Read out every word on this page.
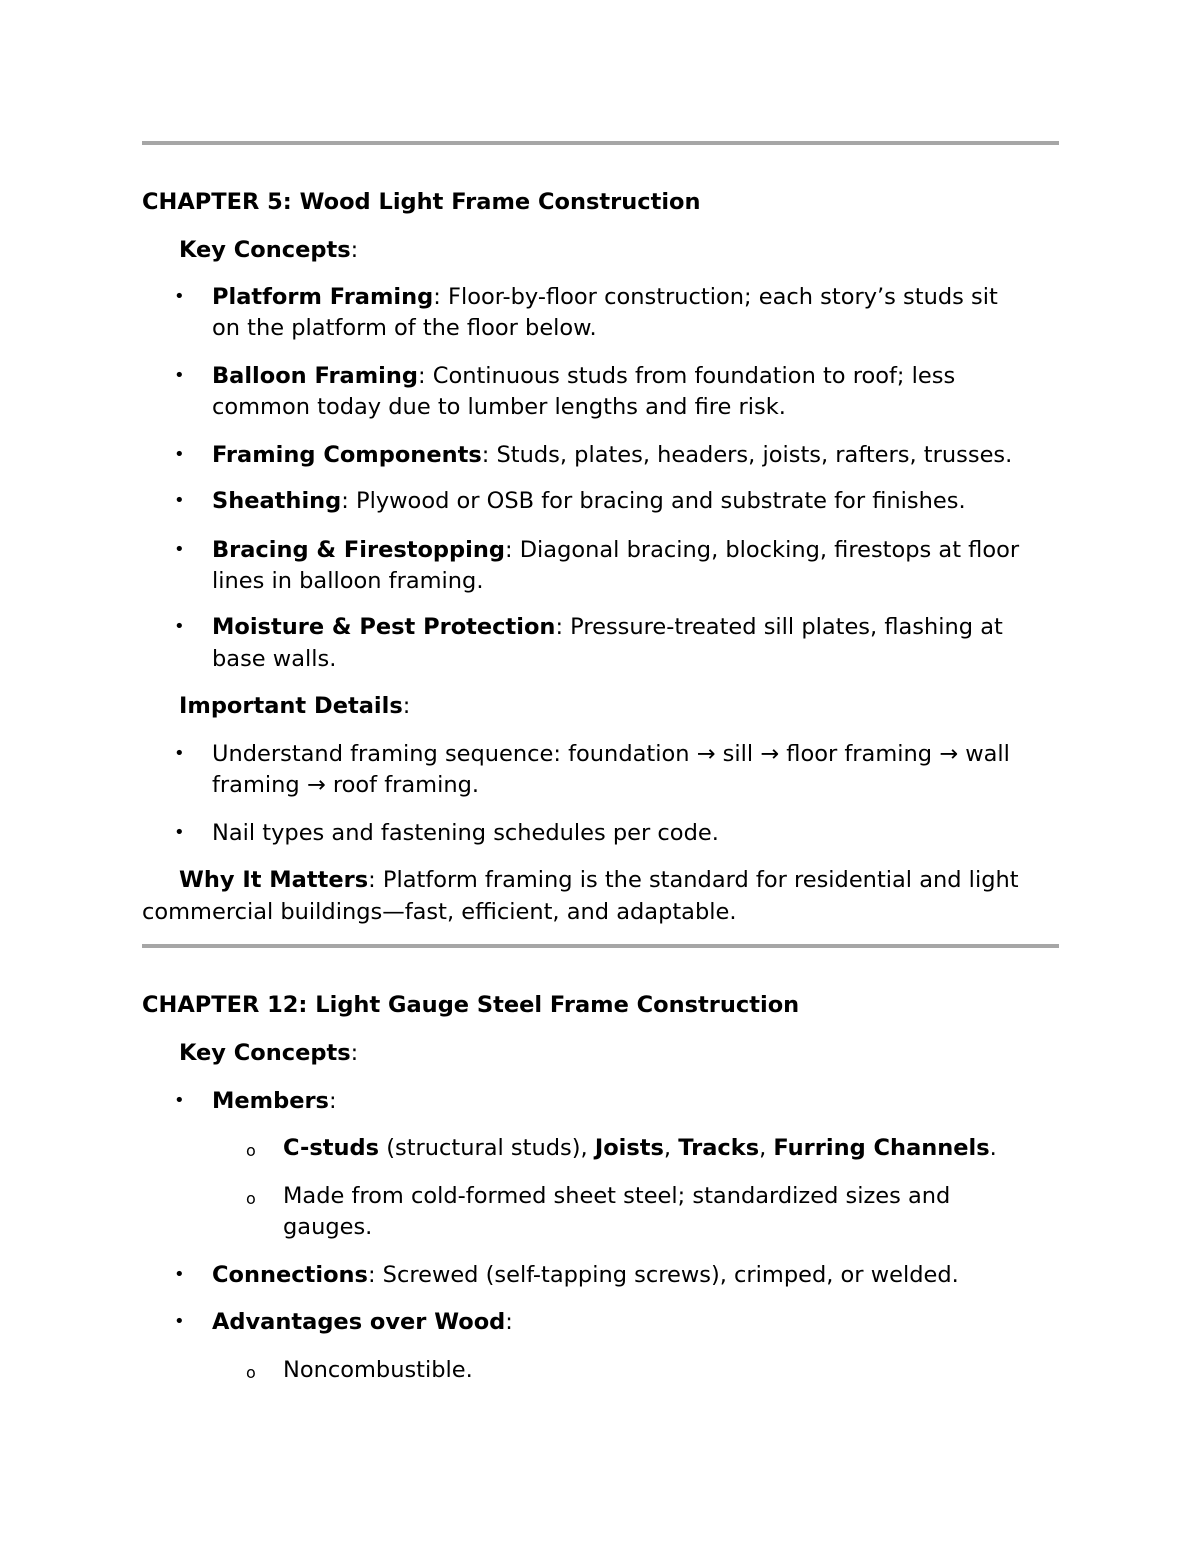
CHAPTER 5: Wood Light Frame Construction
Key Concepts:
• Platform Framing: Floor-by-floor construction; each story’s studs sit
on the platform of the floor below.
• Balloon Framing: Continuous studs from foundation to roof; less
common today due to lumber lengths and fire risk.
• Framing Components: Studs, plates, headers, joists, rafters, trusses.
• Sheathing: Plywood or OSB for bracing and substrate for finishes.
• Bracing & Firestopping: Diagonal bracing, blocking, firestops at floor
lines in balloon framing.
• Moisture & Pest Protection: Pressure-treated sill plates, flashing at
base walls.
Important Details:
• Understand framing sequence: foundation → sill → floor framing → wall
framing → roof framing.
• Nail types and fastening schedules per code.
Why It Matters: Platform framing is the standard for residential and light
commercial buildings—fast, efficient, and adaptable.
CHAPTER 12: Light Gauge Steel Frame Construction
Key Concepts:
• Members:
o C-studs (structural studs), Joists, Tracks, Furring Channels.
o Made from cold-formed sheet steel; standardized sizes and
gauges.
• Connections: Screwed (self-tapping screws), crimped, or welded.
• Advantages over Wood:
o Noncombustible.
